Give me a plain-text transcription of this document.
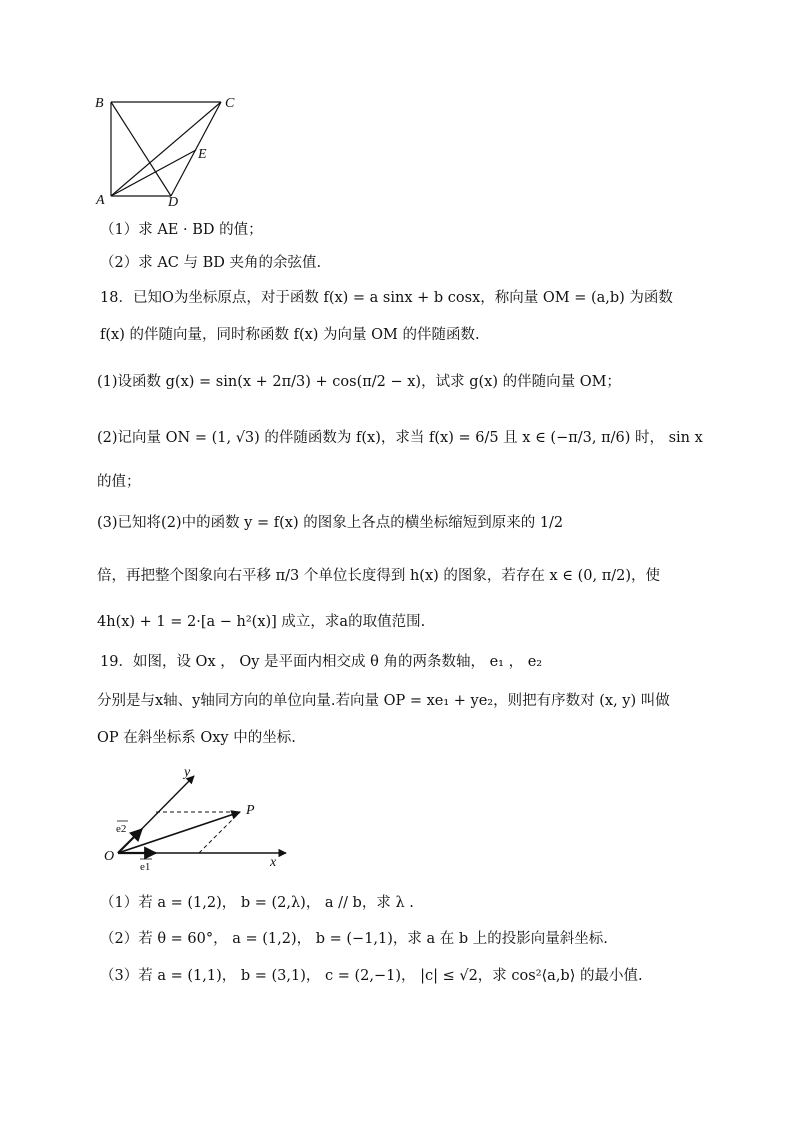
B	C
E
A	D
（1）求 AE · BD 的值；
（2）求 AC 与 BD 夹角的余弦值.
18．已知O为坐标原点，对于函数 f(x) = a sinx + b cosx，称向量 OM = (a,b) 为函数
f(x) 的伴随向量，同时称函数 f(x) 为向量 OM 的伴随函数.
(1)设函数 g(x) = sin(x + 2π/3) + cos(π/2 − x)，试求 g(x) 的伴随向量 OM；
(2)记向量 ON = (1, √3) 的伴随函数为 f(x)，求当 f(x) = 6/5 且 x ∈ (−π/3, π/6) 时， sin x
的值；
(3)已知将(2)中的函数 y = f(x) 的图象上各点的横坐标缩短到原来的 1/2
倍，再把整个图象向右平移 π/3 个单位长度得到 h(x) 的图象，若存在 x ∈ (0, π/2)，使
4h(x) + 1 = 2·[a − h²(x)] 成立，求a的取值范围.
19．如图，设 Ox ， Oy 是平面内相交成 θ 角的两条数轴， e₁ ， e₂
分别是与x轴、y轴同方向的单位向量.若向量 OP = xe₁ + ye₂，则把有序数对 (x, y) 叫做
OP 在斜坐标系 Oxy 中的坐标.
y
P
e2
e1
O	x
（1）若 a = (1,2)， b = (2,λ)， a // b，求 λ .
（2）若 θ = 60°， a = (1,2)， b = (−1,1)，求 a 在 b 上的投影向量斜坐标.
（3）若 a = (1,1)， b = (3,1)， c = (2,−1)， |c| ≤ √2，求 cos²⟨a,b⟩ 的最小值.
